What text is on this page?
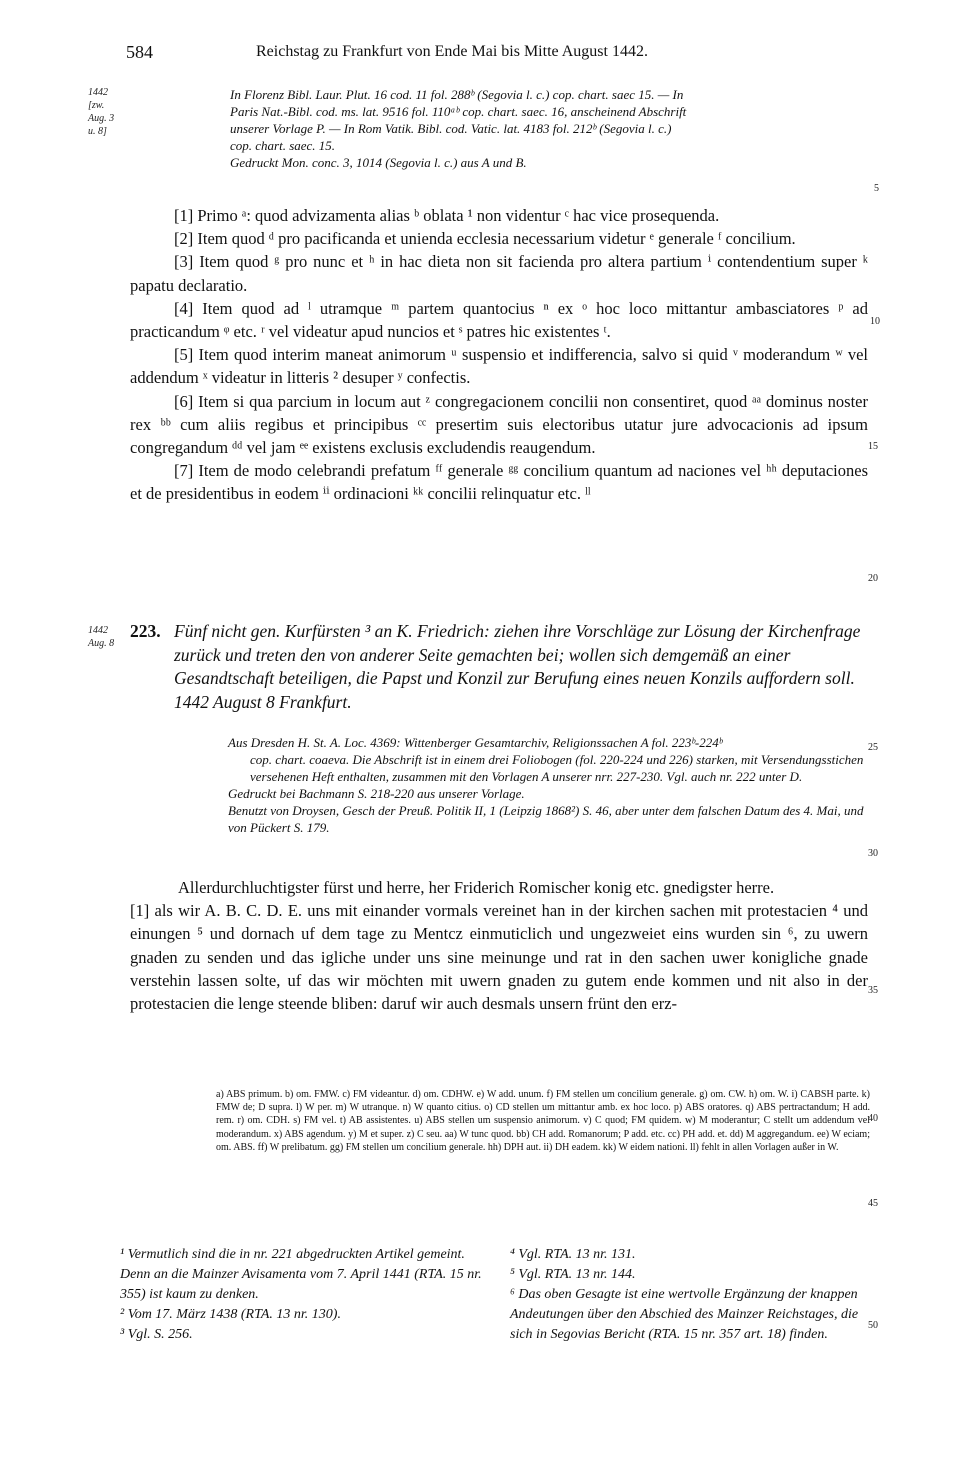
584	Reichstag zu Frankfurt von Ende Mai bis Mitte August 1442.
1442
[zw.
Aug. 3
u. 8]
1442
Aug. 8
5
10
15
20
25
30
35
40
45
50
In Florenz Bibl. Laur. Plut. 16 cod. 11 fol. 288ᵇ (Segovia l. c.) cop. chart. saec 15. — In
Paris Nat.-Bibl. cod. ms. lat. 9516 fol. 110ᵃᵇ cop. chart. saec. 16, anscheinend Abschrift
unserer Vorlage P. — In Rom Vatik. Bibl. cod. Vatic. lat. 4183 fol. 212ᵇ (Segovia l. c.)
cop. chart. saec. 15.
Gedruckt Mon. conc. 3, 1014 (Segovia l. c.) aus A und B.

[1] Primo ᵃ: quod advizamenta alias ᵇ oblata ¹ non videntur ᶜ hac vice prosequenda.

[2] Item quod ᵈ pro pacificanda et unienda ecclesia necessarium videtur ᵉ generale ᶠ concilium.

[3] Item quod ᵍ pro nunc et ʰ in hac dieta non sit facienda pro altera partium ⁱ contendentium super ᵏ papatu declaratio.

[4] Item quod ad ˡ utramque ᵐ partem quantocius ⁿ ex ᵒ hoc loco mittantur ambasciatores ᵖ ad practicandum ᵠ etc. ʳ vel videatur apud nuncios et ˢ patres hic existentes ᵗ.

[5] Item quod interim maneat animorum ᵘ suspensio et indifferencia, salvo si quid ᵛ moderandum ʷ vel addendum ˣ videatur in litteris ² desuper ʸ confectis.

[6] Item si qua parcium in locum aut ᶻ congregacionem concilii non consentiret, quod ᵃᵃ dominus noster rex ᵇᵇ cum aliis regibus et principibus ᶜᶜ presertim suis electoribus utatur jure advocacionis ad ipsum congregandum ᵈᵈ vel jam ᵉᵉ existens exclusis excludendis reaugendum.

[7] Item de modo celebrandi prefatum ᶠᶠ generale ᵍᵍ concilium quantum ad naciones vel ʰʰ deputaciones et de presidentibus in eodem ⁱⁱ ordinacioni ᵏᵏ concilii relinquatur etc. ˡˡ

223. Fünf nicht gen. Kurfürsten ³ an K. Friedrich: ziehen ihre Vorschläge zur Lösung der Kirchenfrage zurück und treten den von anderer Seite gemachten bei; wollen sich demgemäß an einer Gesandtschaft beteiligen, die Papst und Konzil zur Berufung eines neuen Konzils auffordern soll. 1442 August 8 Frankfurt.
Aus Dresden H. St. A. Loc. 4369: Wittenberger Gesamtarchiv, Religionssachen A fol. 223ᵇ-224ᵇ
cop. chart. coaeva. Die Abschrift ist in einem drei Foliobogen (fol. 220-224 und 226) starken, mit Versendungsstichen versehenen Heft enthalten, zusammen mit den Vorlagen A unserer nrr. 227-230. Vgl. auch nr. 222 unter D.
Gedruckt bei Bachmann S. 218-220 aus unserer Vorlage.
Benutzt von Droysen, Gesch der Preuß. Politik II, 1 (Leipzig 1868²) S. 46, aber unter dem falschen Datum des 4. Mai, und von Pückert S. 179.

Allerdurchluchtigster fürst und herre, her Friderich Romischer konig etc. gnedigster herre.

[1] als wir A. B. C. D. E. uns mit einander vormals vereinet han in der kirchen sachen mit protestacien ⁴ und einungen ⁵ und dornach uf dem tage zu Mentcz einmuticlich und ungezweiet eins wurden sin ⁶, zu uwern gnaden zu senden und das igliche under uns sine meinunge und rat in den sachen uwer konigliche gnade verstehin lassen solte, uf das wir möchten mit uwern gnaden zu gutem ende kommen und nit also in der protestacien die lenge steende bliben: daruf wir auch desmals unsern frünt den erz-

a) ABS primum. b) om. FMW. c) FM videantur. d) om. CDHW. e) W add. unum. f) FM stellen um concilium generale. g) om. CW. h) om. W. i) CABSH parte. k) FMW de; D supra. l) W per. m) W utranque. n) W quanto citius. o) CD stellen um mittantur amb. ex hoc loco. p) ABS oratores. q) ABS pertractandum; H add. rem. r) om. CDH. s) FM vel. t) AB assistentes. u) ABS stellen um suspensio animorum. v) C quod; FM quidem. w) M moderantur; C stellt um addendum vel moderandum. x) ABS agendum. y) M et super. z) C seu. aa) W tunc quod. bb) CH add. Romanorum; P add. etc. cc) PH add. et. dd) M aggregandum. ee) W eciam; om. ABS. ff) W prelibatum. gg) FM stellen um concilium generale. hh) DPH aut. ii) DH eadem. kk) W eidem nationi. ll) fehlt in allen Vorlagen außer in W.

¹ Vermutlich sind die in nr. 221 abgedruckten Artikel gemeint. Denn an die Mainzer Avisamenta vom 7. April 1441 (RTA. 15 nr. 355) ist kaum zu denken.

² Vom 17. März 1438 (RTA. 13 nr. 130).

³ Vgl. S. 256.

⁴ Vgl. RTA. 13 nr. 131.

⁵ Vgl. RTA. 13 nr. 144.

⁶ Das oben Gesagte ist eine wertvolle Ergänzung der knappen Andeutungen über den Abschied des Mainzer Reichstages, die sich in Segovias Bericht (RTA. 15 nr. 357 art. 18) finden.
